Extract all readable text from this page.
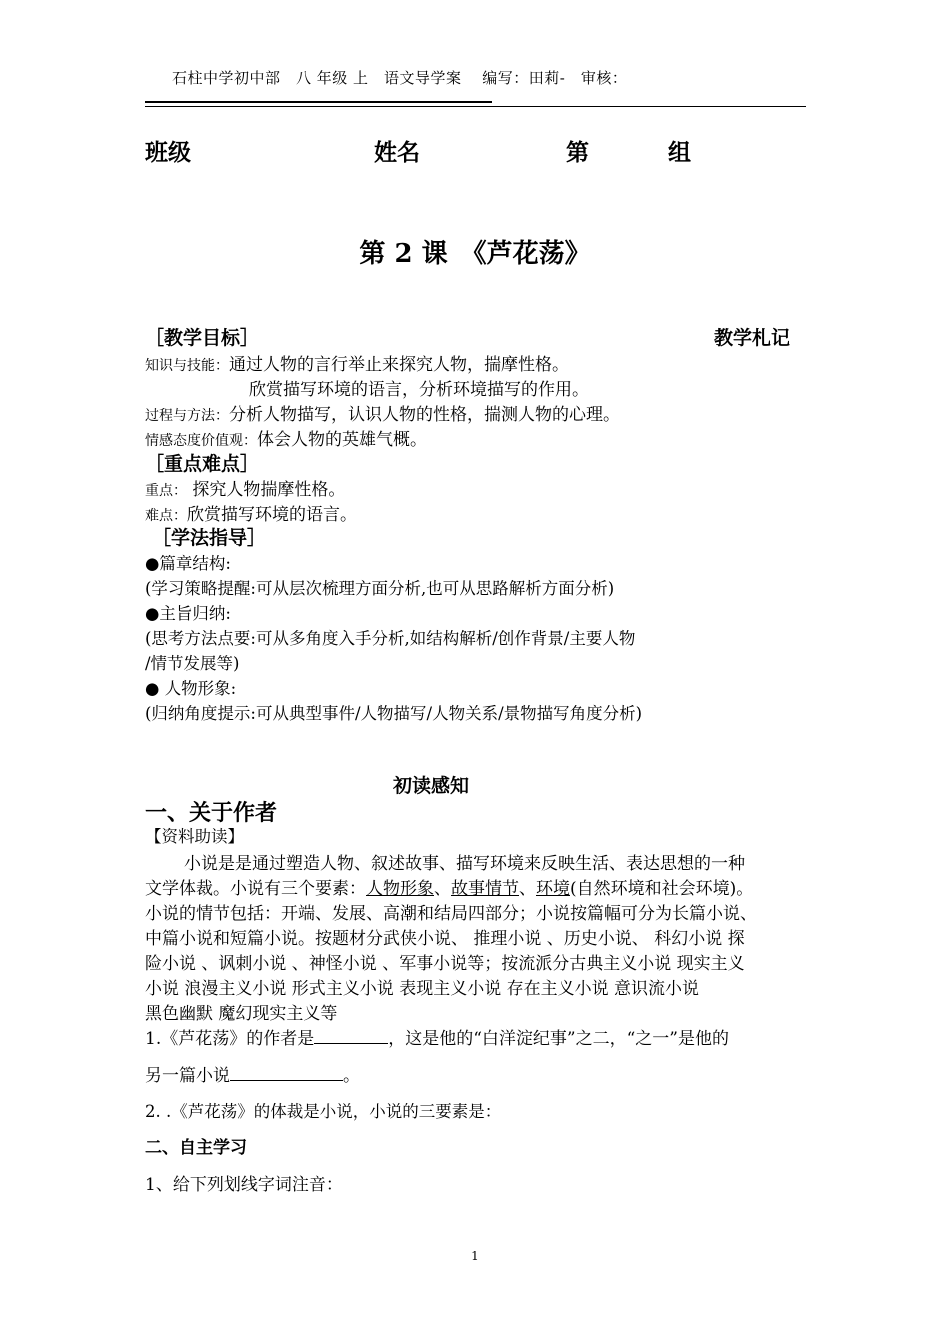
石柱中学初中部　八 年级 上　语文导学案　 编写：田莉-　审核：
班级	姓名	第	组
第 2 课　《芦花荡》
［教学目标］	教学札记
知识与技能：通过人物的言行举止来探究人物，揣摩性格。
欣赏描写环境的语言，分析环境描写的作用。
过程与方法：分析人物描写，认识人物的性格，揣测人物的心理。
情感态度价值观：体会人物的英雄气概。
［重点难点］
重点： 探究人物揣摩性格。
难点：欣赏描写环境的语言。
［学法指导］
●篇章结构:
(学习策略提醒:可从层次梳理方面分析,也可从思路解析方面分析)
●主旨归纳:
(思考方法点要:可从多角度入手分析,如结构解析/创作背景/主要人物
/情节发展等)
● 人物形象:
(归纳角度提示:可从典型事件/人物描写/人物关系/景物描写角度分析)
初读感知
一、关于作者
【资料助读】
小说是是通过塑造人物、叙述故事、描写环境来反映生活、表达思想的一种
文学体裁。小说有三个要素：人物形象、故事情节、环境(自然环境和社会环境)。
小说的情节包括：开端、发展、高潮和结局四部分；小说按篇幅可分为长篇小说、
中篇小说和短篇小说。按题材分武侠小说、 推理小说 、历史小说、 科幻小说 探
险小说 、讽刺小说 、神怪小说 、军事小说等；按流派分古典主义小说 现实主义
小说 浪漫主义小说 形式主义小说 表现主义小说 存在主义小说 意识流小说
黑色幽默 魔幻现实主义等
1.《芦花荡》的作者是	，这是他的“白洋淀纪事”之二，“之一”是他的
另一篇小说	。
2. .《芦花荡》的体裁是小说，小说的三要素是：
二、自主学习
1、给下列划线字词注音：
1
